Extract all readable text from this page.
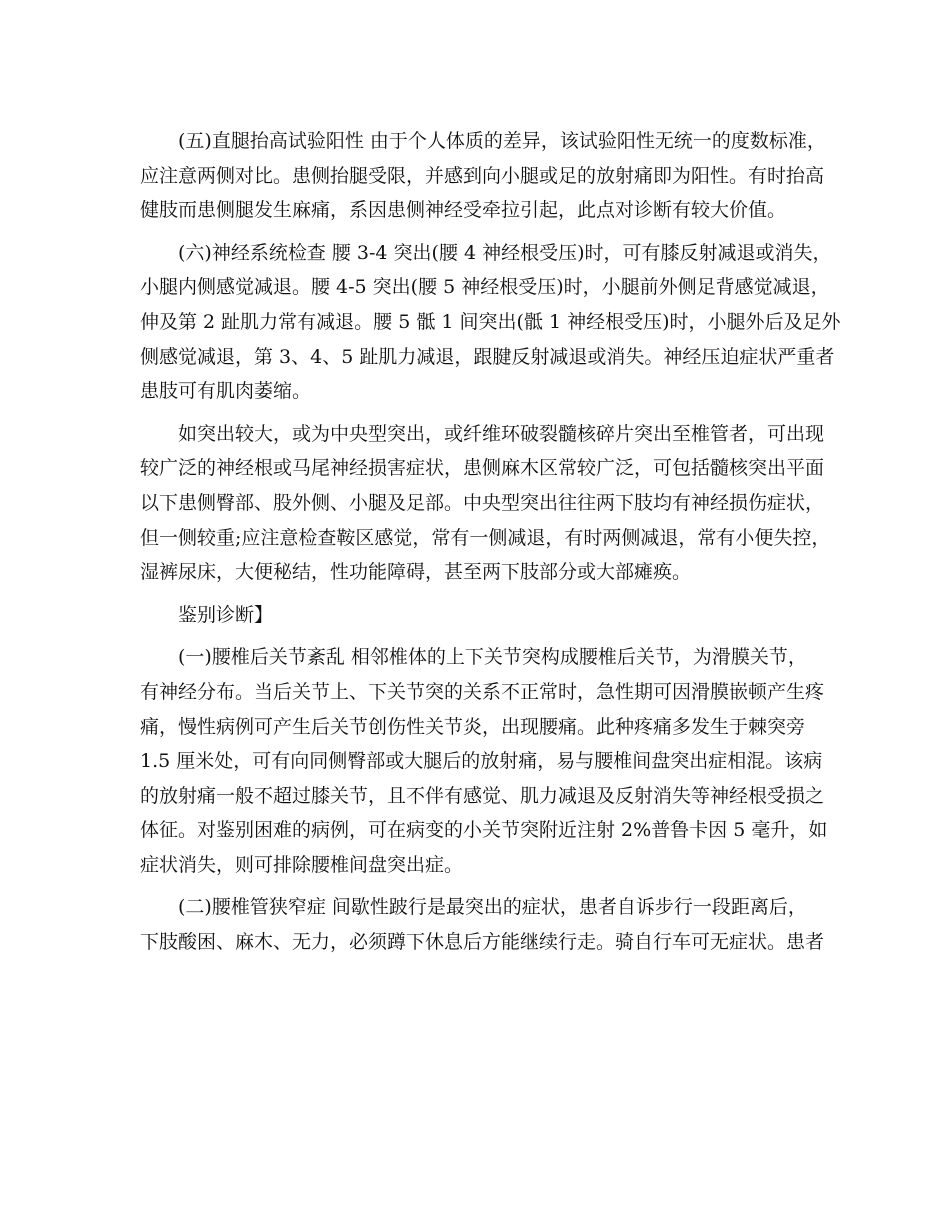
(五)直腿抬高试验阳性 由于个人体质的差异，该试验阳性无统一的度数标准，
应注意两侧对比。患侧抬腿受限，并感到向小腿或足的放射痛即为阳性。有时抬高
健肢而患侧腿发生麻痛，系因患侧神经受牵拉引起，此点对诊断有较大价值。

(六)神经系统检查 腰 3-4 突出(腰 4 神经根受压)时，可有膝反射减退或消失，
小腿内侧感觉减退。腰 4-5 突出(腰 5 神经根受压)时，小腿前外侧足背感觉减退，
伸及第 2 趾肌力常有减退。腰 5 骶 1 间突出(骶 1 神经根受压)时，小腿外后及足外
侧感觉减退，第 3、4、5 趾肌力减退，跟腱反射减退或消失。神经压迫症状严重者
患肢可有肌肉萎缩。

如突出较大，或为中央型突出，或纤维环破裂髓核碎片突出至椎管者，可出现
较广泛的神经根或马尾神经损害症状，患侧麻木区常较广泛，可包括髓核突出平面
以下患侧臀部、股外侧、小腿及足部。中央型突出往往两下肢均有神经损伤症状，
但一侧较重;应注意检查鞍区感觉，常有一侧减退，有时两侧减退，常有小便失控，
湿裤尿床，大便秘结，性功能障碍，甚至两下肢部分或大部瘫痪。

鉴别诊断】

(一)腰椎后关节紊乱 相邻椎体的上下关节突构成腰椎后关节，为滑膜关节，
有神经分布。当后关节上、下关节突的关系不正常时，急性期可因滑膜嵌顿产生疼
痛，慢性病例可产生后关节创伤性关节炎，出现腰痛。此种疼痛多发生于棘突旁
1.5 厘米处，可有向同侧臀部或大腿后的放射痛，易与腰椎间盘突出症相混。该病
的放射痛一般不超过膝关节，且不伴有感觉、肌力减退及反射消失等神经根受损之
体征。对鉴别困难的病例，可在病变的小关节突附近注射 2%普鲁卡因 5 毫升，如
症状消失，则可排除腰椎间盘突出症。

(二)腰椎管狭窄症 间歇性跛行是最突出的症状，患者自诉步行一段距离后，
下肢酸困、麻木、无力，必须蹲下休息后方能继续行走。骑自行车可无症状。患者
